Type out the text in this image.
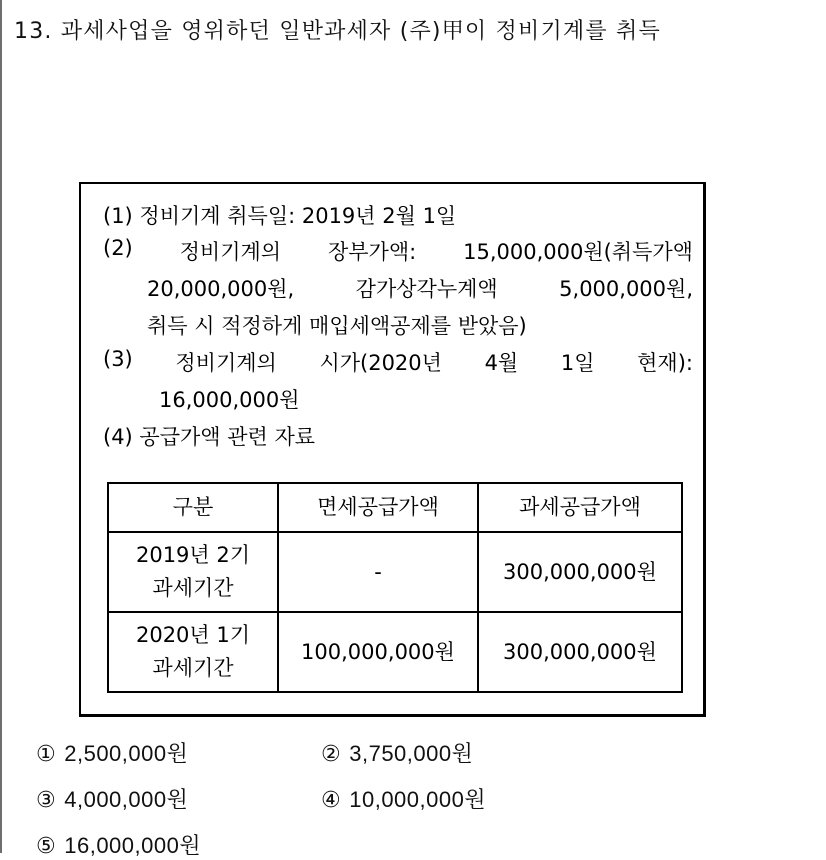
13. 과세사업을 영위하던 일반과세자 (주)甲이 정비기계를 취득
(1) 정비기계 취득일: 2019년 2월 1일
(2) 정비기계의 장부가액: 15,000,000원(취득가액
20,000,000원,	감가상각누계액	5,000,000원,
취득 시 적정하게 매입세액공제를 받았음)
(3) 정비기계의 시가(2020년 4월 1일 현재):
16,000,000원
(4) 공급가액 관련 자료
구분	면세공급가액	과세공급가액

2019년 2기
과세기간	-	300,000,000원

2020년 1기
과세기간	100,000,000원	300,000,000원
① 2,500,000원	② 3,750,000원
③ 4,000,000원	④ 10,000,000원
⑤ 16,000,000원
